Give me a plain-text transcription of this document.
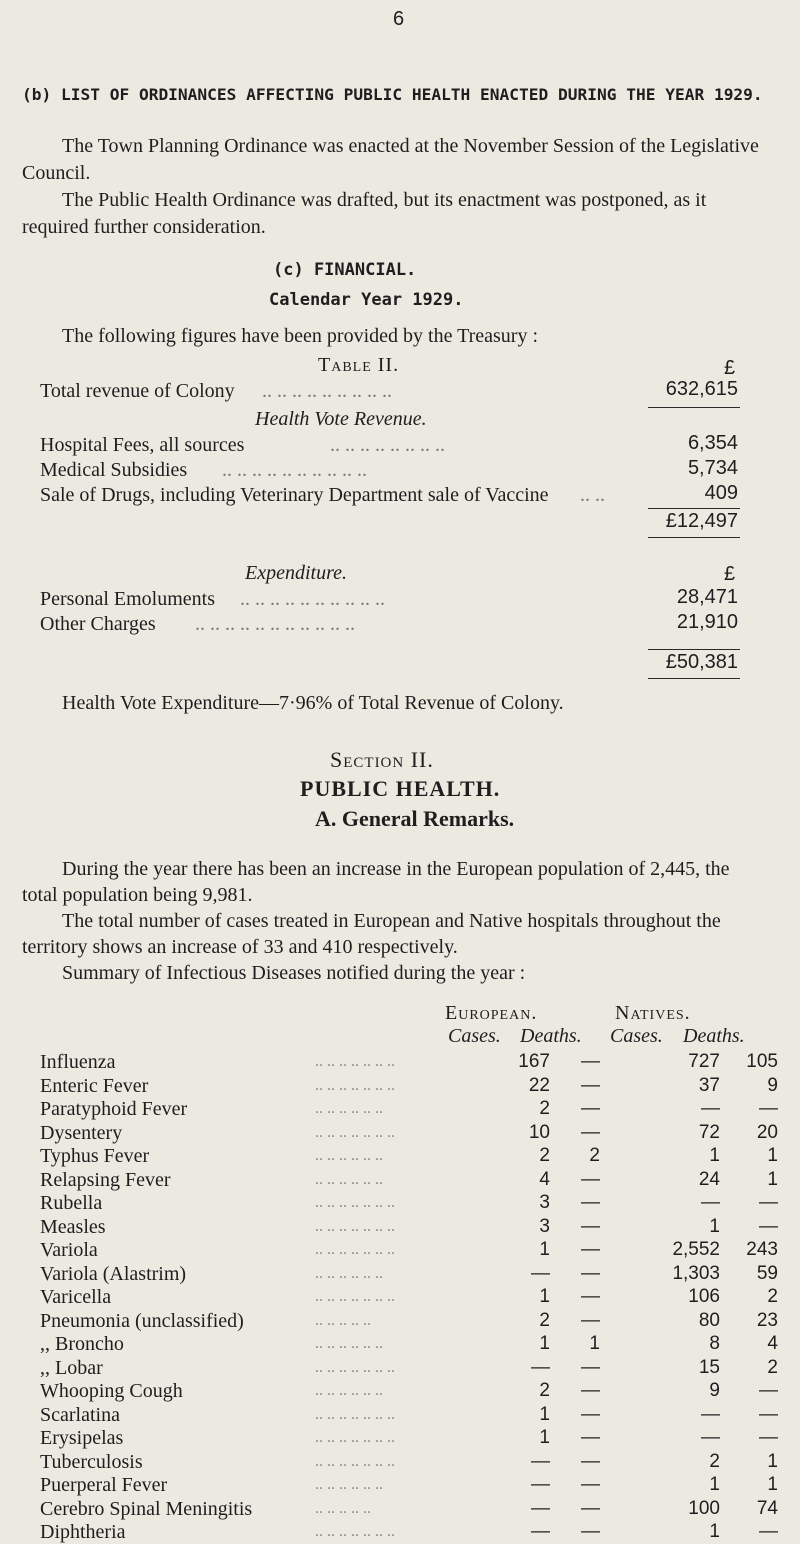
6
(b) LIST OF ORDINANCES AFFECTING PUBLIC HEALTH ENACTED DURING THE YEAR 1929.
The Town Planning Ordinance was enacted at the November Session of the Legislative
Council.
The Public Health Ordinance was drafted, but its enactment was postponed, as it
required further consideration.
(c) FINANCIAL.
Calendar Year 1929.
The following figures have been provided by the Treasury :
Table II.	£
Total revenue of Colony .. .. .. .. .. .. .. .. ..	632,615
Health Vote Revenue.
Hospital Fees, all sources	.. .. .. .. .. .. .. ..	6,354
Medical Subsidies .. .. .. .. .. .. .. .. .. ..	5,734
Sale of Drugs, including Veterinary Department sale of Vaccine .. ..	409
£12,497
Expenditure.	£
Personal Emoluments .. .. .. .. .. .. .. .. .. ..	28,471
Other Charges .. .. .. .. .. .. .. .. .. .. ..	21,910
£50,381
Health Vote Expenditure—7·96% of Total Revenue of Colony.
Section II.
PUBLIC HEALTH.
A. General Remarks.
During the year there has been an increase in the European population of 2,445, the
total population being 9,981.
The total number of cases treated in European and Native hospitals throughout the
territory shows an increase of 33 and 410 respectively.
Summary of Infectious Diseases notified during the year :
European.	Natives.
Cases. Deaths. Cases. Deaths.
Influenza	.. .. .. .. .. .. ..	167	—	727	105
Enteric Fever	.. .. .. .. .. .. ..	22	—	37	9
Paratyphoid Fever	.. .. .. .. .. ..	2	—	—	—
Dysentery	.. .. .. .. .. .. ..	10	—	72	20
Typhus Fever	.. .. .. .. .. ..	2	2	1	1
Relapsing Fever	.. .. .. .. .. ..	4	—	24	1
Rubella	.. .. .. .. .. .. ..	3	—	—	—
Measles	.. .. .. .. .. .. ..	3	—	1	—
Variola	.. .. .. .. .. .. ..	1	—	2,552	243
Variola (Alastrim)	.. .. .. .. .. ..	—	—	1,303	59
Varicella	.. .. .. .. .. .. ..	1	—	106	2
Pneumonia (unclassified)	.. .. .. .. ..	2	—	80	23
,, Broncho	.. .. .. .. .. ..	1	1	8	4
,, Lobar	.. .. .. .. .. .. ..	—	—	15	2
Whooping Cough	.. .. .. .. .. ..	2	—	9	—
Scarlatina	.. .. .. .. .. .. ..	1	—	—	—
Erysipelas	.. .. .. .. .. .. ..	1	—	—	—
Tuberculosis	.. .. .. .. .. .. ..	—	—	2	1
Puerperal Fever	.. .. .. .. .. ..	—	—	1	1
Cerebro Spinal Meningitis	.. .. .. .. ..	—	—	100	74
Diphtheria	.. .. .. .. .. .. ..	—	—	1	—
